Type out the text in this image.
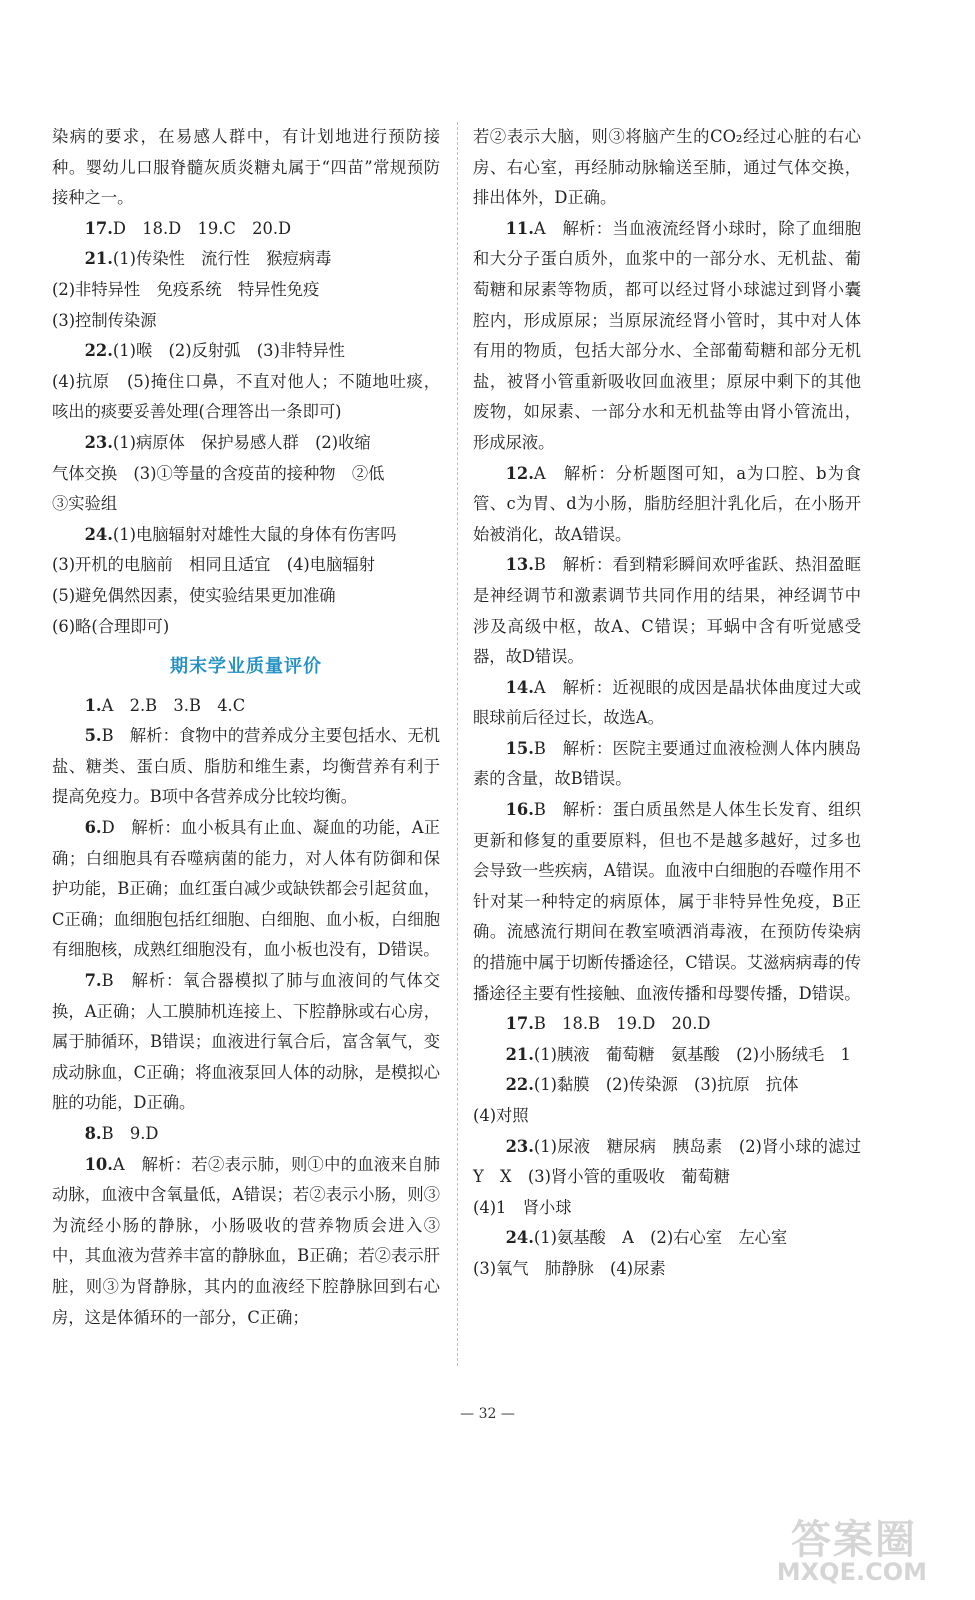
染病的要求，在易感人群中，有计划地进行预防接种。婴幼儿口服脊髓灰质炎糖丸属于“四苗”常规预防接种之一。

17.D　18.D　19.C　20.D

21.(1)传染性　流行性　猴痘病毒

(2)非特异性　免疫系统　特异性免疫

(3)控制传染源

22.(1)喉　(2)反射弧　(3)非特异性

(4)抗原　(5)掩住口鼻，不直对他人；不随地吐痰，咳出的痰要妥善处理(合理答出一条即可)

23.(1)病原体　保护易感人群　(2)收缩

气体交换　(3)①等量的含疫苗的接种物　②低

③实验组

24.(1)电脑辐射对雄性大鼠的身体有伤害吗

(3)开机的电脑前　相同且适宜　(4)电脑辐射

(5)避免偶然因素，使实验结果更加准确

(6)略(合理即可)

期末学业质量评价

1.A　2.B　3.B　4.C

5.B　解析：食物中的营养成分主要包括水、无机盐、糖类、蛋白质、脂肪和维生素，均衡营养有利于提高免疫力。B项中各营养成分比较均衡。

6.D　解析：血小板具有止血、凝血的功能，A正确；白细胞具有吞噬病菌的能力，对人体有防御和保护功能，B正确；血红蛋白减少或缺铁都会引起贫血，C正确；血细胞包括红细胞、白细胞、血小板，白细胞有细胞核，成熟红细胞没有，血小板也没有，D错误。

7.B　解析：氧合器模拟了肺与血液间的气体交换，A正确；人工膜肺机连接上、下腔静脉或右心房，属于肺循环，B错误；血液进行氧合后，富含氧气，变成动脉血，C正确；将血液泵回人体的动脉，是模拟心脏的功能，D正确。

8.B　9.D

10.A　解析：若②表示肺，则①中的血液来自肺动脉，血液中含氧量低，A错误；若②表示小肠，则③为流经小肠的静脉，小肠吸收的营养物质会进入③中，其血液为营养丰富的静脉血，B正确；若②表示肝脏，则③为肾静脉，其内的血液经下腔静脉回到右心房，这是体循环的一部分，C正确；

若②表示大脑，则③将脑产生的CO₂经过心脏的右心房、右心室，再经肺动脉输送至肺，通过气体交换，排出体外，D正确。

11.A　解析：当血液流经肾小球时，除了血细胞和大分子蛋白质外，血浆中的一部分水、无机盐、葡萄糖和尿素等物质，都可以经过肾小球滤过到肾小囊腔内，形成原尿；当原尿流经肾小管时，其中对人体有用的物质，包括大部分水、全部葡萄糖和部分无机盐，被肾小管重新吸收回血液里；原尿中剩下的其他废物，如尿素、一部分水和无机盐等由肾小管流出，形成尿液。

12.A　解析：分析题图可知，a为口腔、b为食管、c为胃、d为小肠，脂肪经胆汁乳化后，在小肠开始被消化，故A错误。

13.B　解析：看到精彩瞬间欢呼雀跃、热泪盈眶是神经调节和激素调节共同作用的结果，神经调节中涉及高级中枢，故A、C错误；耳蜗中含有听觉感受器，故D错误。

14.A　解析：近视眼的成因是晶状体曲度过大或眼球前后径过长，故选A。

15.B　解析：医院主要通过血液检测人体内胰岛素的含量，故B错误。

16.B　解析：蛋白质虽然是人体生长发育、组织更新和修复的重要原料，但也不是越多越好，过多也会导致一些疾病，A错误。血液中白细胞的吞噬作用不针对某一种特定的病原体，属于非特异性免疫，B正确。流感流行期间在教室喷洒消毒液，在预防传染病的措施中属于切断传播途径，C错误。艾滋病病毒的传播途径主要有性接触、血液传播和母婴传播，D错误。

17.B　18.B　19.D　20.D

21.(1)胰液　葡萄糖　氨基酸　(2)小肠绒毛　1

22.(1)黏膜　(2)传染源　(3)抗原　抗体

(4)对照

23.(1)尿液　糖尿病　胰岛素　(2)肾小球的滤过　Y　X　(3)肾小管的重吸收　葡萄糖

(4)1　肾小球

24.(1)氨基酸　A　(2)右心室　左心室

(3)氧气　肺静脉　(4)尿素

— 32 —
答案圈
MXQE.COM
